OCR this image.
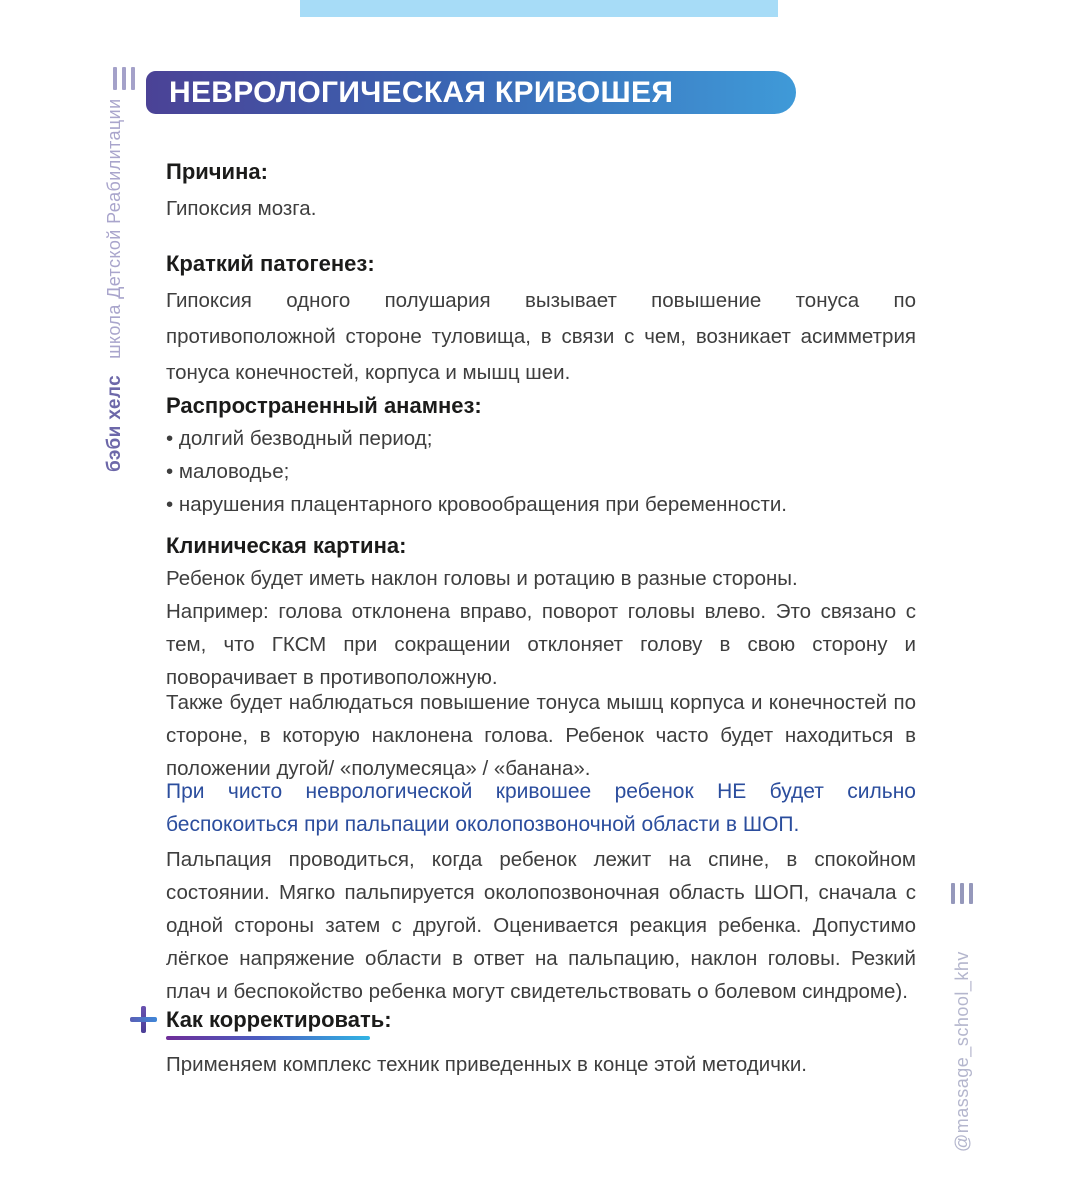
бэби хелс
школа Детской Реабилитации
НЕВРОЛОГИЧЕСКАЯ КРИВОШЕЯ
Причина:
Гипоксия мозга.
Краткий патогенез:
Гипоксия одного полушария вызывает повышение тонуса по противоположной стороне туловища, в связи с чем, возникает асимметрия тонуса конечностей, корпуса и мышц шеи.
Распространенный анамнез:
• долгий безводный период;
• маловодье;
• нарушения плацентарного кровообращения при беременности.
Клиническая картина:
Ребенок будет иметь наклон головы и ротацию в разные стороны.
Например: голова отклонена вправо, поворот головы влево. Это связано с тем, что ГКСМ при сокращении отклоняет голову в свою сторону и поворачивает в противоположную.
Также будет наблюдаться повышение тонуса мышц корпуса и конечностей по стороне, в которую наклонена голова. Ребенок часто будет находиться в положении дугой/ «полумесяца» / «банана».
При чисто неврологической кривошее ребенок НЕ будет сильно беспокоиться при пальпации околопозвоночной области в ШОП.
Пальпация проводиться, когда ребенок лежит на спине, в спокойном состоянии. Мягко пальпируется околопозвоночная область ШОП, сначала с одной стороны затем с другой. Оценивается реакция ребенка. Допустимо лёгкое напряжение области в ответ на пальпацию, наклон головы. Резкий плач и беспокойство ребенка могут свидетельствовать о болевом синдроме).
Как корректировать:
Применяем комплекс техник приведенных в конце этой методички.	@massage_school_khv
